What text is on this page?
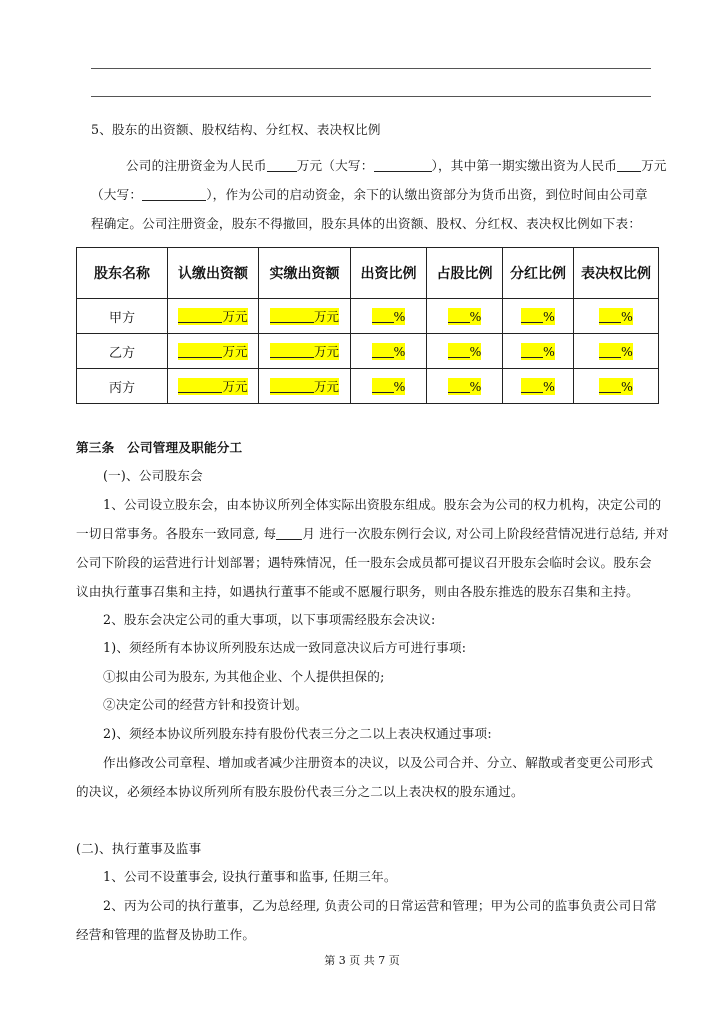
5、股东的出资额、股权结构、分红权、表决权比例
公司的注册资金为人民币 万元（大写：	），其中第一期实缴出资为人民币 万元
（大写：	），作为公司的启动资金，余下的认缴出资部分为货币出资，到位时间由公司章
程确定。公司注册资金，股东不得撤回，股东具体的出资额、股权、分红权、表决权比例如下表：
股东名称	认缴出资额	实缴出资额	出资比例	占股比例	分红比例	表决权比例
甲方	万元	万元	%	%	%	%
乙方	万元	万元	%	%	%	%
丙方	万元	万元	%	%	%	%
第三条　公司管理及职能分工
(一)、公司股东会
1、公司设立股东会，由本协议所列全体实际出资股东组成。股东会为公司的权力机构，决定公司的
一切日常事务。各股东一致同意, 每 月 进行一次股东例行会议, 对公司上阶段经营情况进行总结, 并对
公司下阶段的运营进行计划部署；遇特殊情况，任一股东会成员都可提议召开股东会临时会议。股东会
议由执行董事召集和主持，如遇执行董事不能或不愿履行职务，则由各股东推选的股东召集和主持。
2、股东会决定公司的重大事项，以下事项需经股东会决议:
1)、须经所有本协议所列股东达成一致同意决议后方可进行事项:
①拟由公司为股东, 为其他企业、个人提供担保的;
②决定公司的经营方针和投资计划。
2)、须经本协议所列股东持有股份代表三分之二以上表决权通过事项:
作出修改公司章程、增加或者减少注册资本的决议，以及公司合并、分立、解散或者变更公司形式
的决议，必须经本协议所列所有股东股份代表三分之二以上表决权的股东通过。
(二)、执行董事及监事
1、公司不设董事会, 设执行董事和监事, 任期三年。
2、丙为公司的执行董事，乙为总经理, 负责公司的日常运营和管理；甲为公司的监事负责公司日常
经营和管理的监督及协助工作。
第 3 页 共 7 页
